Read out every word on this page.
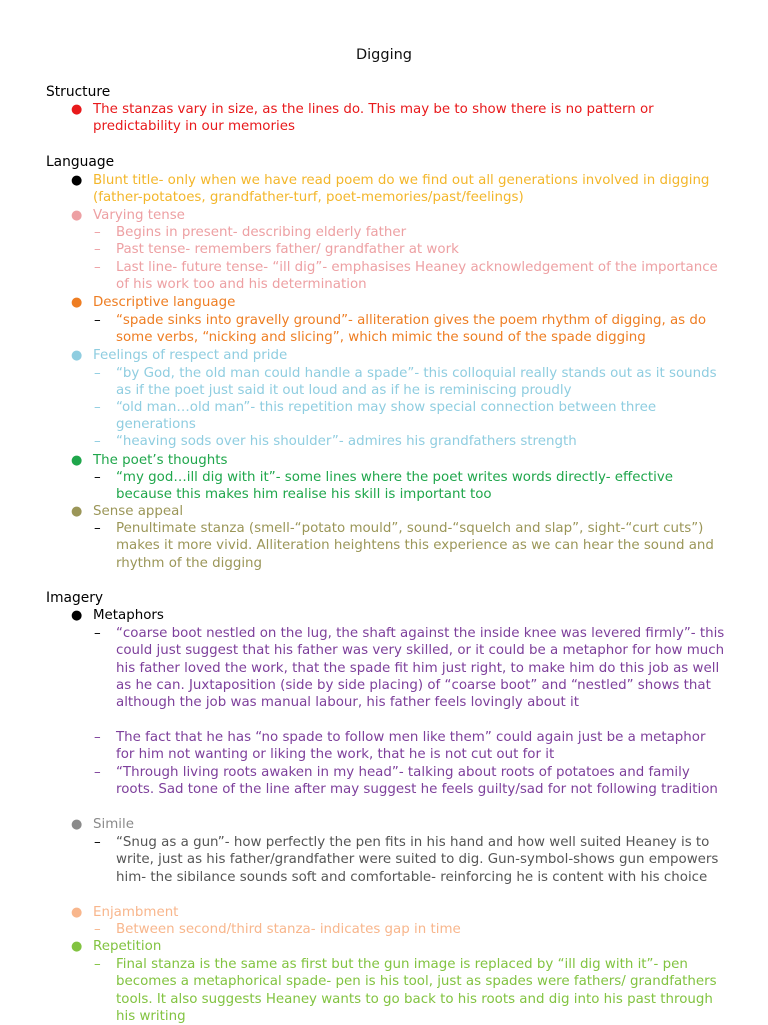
Digging
Structure
● The stanzas vary in size, as the lines do. This may be to show there is no pattern or predictability in our memories
Language
● Blunt title- only when we have read poem do we find out all generations involved in digging (father-potatoes, grandfather-turf, poet-memories/past/feelings)
● Varying tense
– Begins in present- describing elderly father
– Past tense- remembers father/ grandfather at work
– Last line- future tense- “ill dig”- emphasises Heaney acknowledgement of the importance of his work too and his determination
● Descriptive language
– “spade sinks into gravelly ground”- alliteration gives the poem rhythm of digging, as do some verbs, “nicking and slicing”, which mimic the sound of the spade digging
● Feelings of respect and pride
– “by God, the old man could handle a spade”- this colloquial really stands out as it sounds as if the poet just said it out loud and as if he is reminiscing proudly
– “old man…old man”- this repetition may show special connection between three generations
– “heaving sods over his shoulder”- admires his grandfathers strength
● The poet’s thoughts
– “my god…ill dig with it”- some lines where the poet writes words directly- effective because this makes him realise his skill is important too
● Sense appeal
– Penultimate stanza (smell-“potato mould”, sound-“squelch and slap”, sight-“curt cuts”) makes it more vivid. Alliteration heightens this experience as we can hear the sound and rhythm of the digging
Imagery
● Metaphors
– “coarse boot nestled on the lug, the shaft against the inside knee was levered firmly”- this could just suggest that his father was very skilled, or it could be a metaphor for how much his father loved the work, that the spade fit him just right, to make him do this job as well as he can. Juxtaposition (side by side placing) of “coarse boot” and “nestled” shows that although the job was manual labour, his father feels lovingly about it
– The fact that he has “no spade to follow men like them” could again just be a metaphor for him not wanting or liking the work, that he is not cut out for it
– “Through living roots awaken in my head”- talking about roots of potatoes and family roots. Sad tone of the line after may suggest he feels guilty/sad for not following tradition
● Simile
– “Snug as a gun”- how perfectly the pen fits in his hand and how well suited Heaney is to write, just as his father/grandfather were suited to dig. Gun-symbol-shows gun empowers him- the sibilance sounds soft and comfortable- reinforcing he is content with his choice
● Enjambment
– Between second/third stanza- indicates gap in time
● Repetition
– Final stanza is the same as first but the gun image is replaced by “ill dig with it”- pen becomes a metaphorical spade- pen is his tool, just as spades were fathers/ grandfathers tools. It also suggests Heaney wants to go back to his roots and dig into his past through his writing
